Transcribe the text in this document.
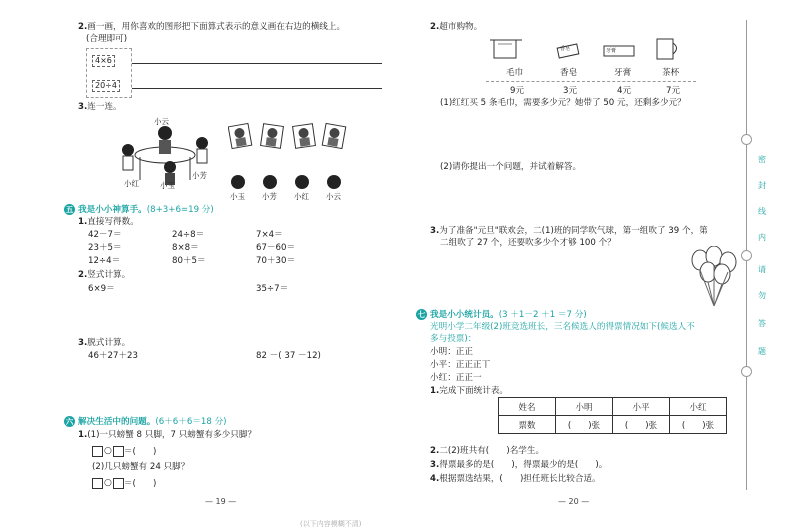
2.画一画，用你喜欢的图形把下面算式表示的意义画在右边的横线上。
(合理即可)
4×6
20÷4
3.连一连。
小云
小红	小玉
小芳
小玉 小芳 小红 小云
五 我是小小神算手。(8+3+6=19 分)
1.直接写得数。
42－7＝	24÷8＝	7×4＝
23＋5＝	8×8＝	67－60＝
12÷4＝	80＋5＝	70＋30＝
2.竖式计算。
6×9＝	35÷7＝
3.脱式计算。
46＋27＋23	82 －( 37 －12)
六 解决生活中的问题。(6＋6＋6＝18 分)
1.(1)一只螃蟹 8 只脚，7 只螃蟹有多少只脚？
○ ＝(　　)
(2)几只螃蟹有 24 只脚？
○ ＝(　　)
— 19 —
2.超市购物。
香皂	牙膏
毛巾	香皂	牙膏	茶杯
9元	3元	4元	7元
(1)红红买 5 条毛巾，需要多少元？她带了 50 元，还剩多少元？
(2)请你提出一个问题，并试着解答。
3.为了准备"元旦"联欢会，二(1)班的同学吹气球，第一组吹了 39 个，第
二组吹了 27 个，还要吹多少个才够 100 个？
七 我是小小统计员。(3 ＋1－2 ＋1 ＝7 分)
光明小学二年级(2)班竞选班长，三名候选人的得票情况如下(候选人不
多与投票)：
小明：正正
小平：正正正丅
小红：正正一
1.完成下面统计表。
姓名	小明	小平	小红
票数	(　　)张	(　　)张	(　　)张
2.二(2)班共有(　　)名学生。
3.得票最多的是(　　)，得票最少的是(　　)。
4.根据票选结果，(　　)担任班长比较合适。
— 20 —
密
封
线
内
请
勿
答
题
(以下内容模糊不清)
